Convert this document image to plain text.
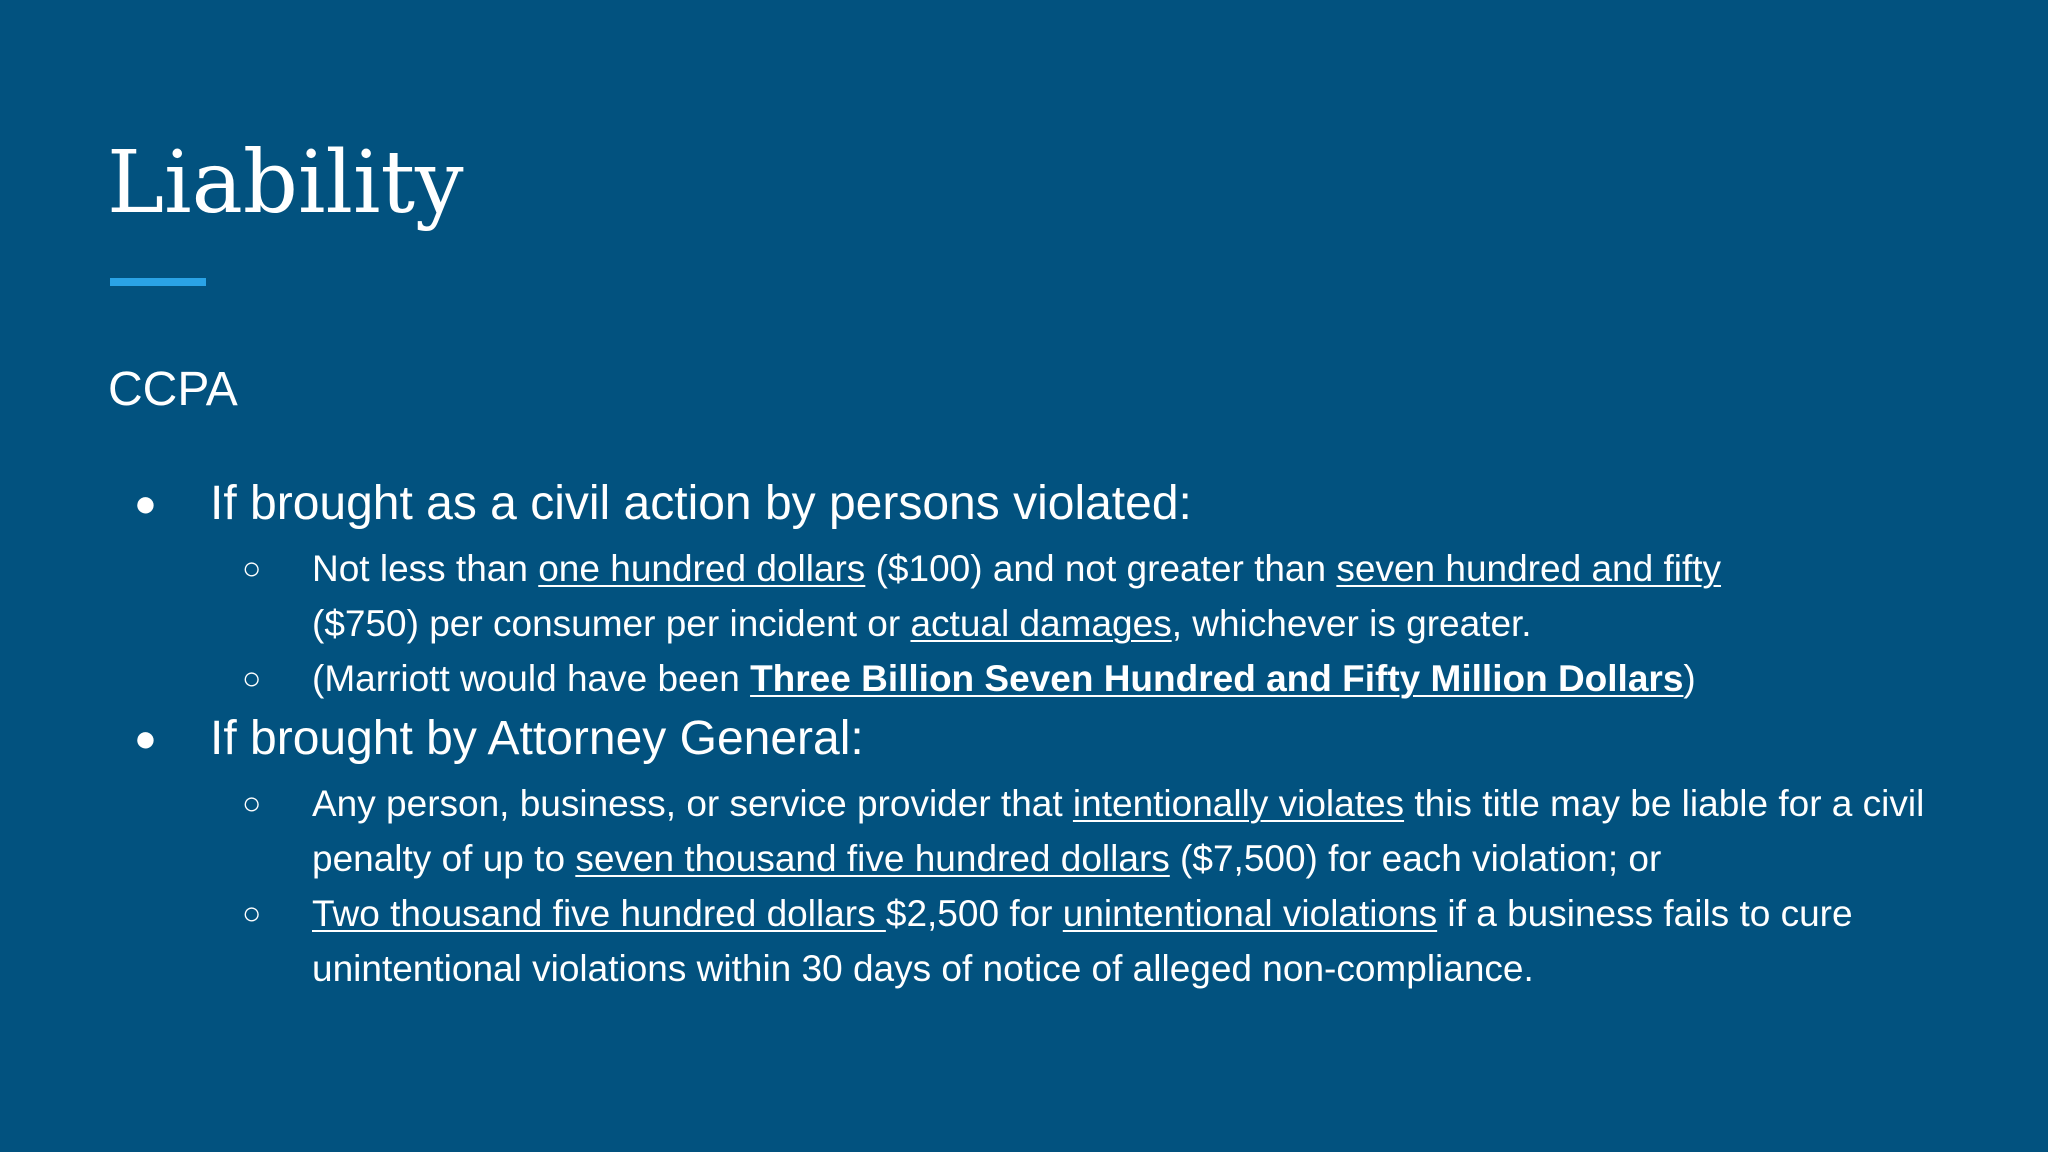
Liability
CCPA
● If brought as a civil action by persons violated:
○ Not less than one hundred dollars ($100) and not greater than seven hundred and fifty
($750) per consumer per incident or actual damages, whichever is greater.
○ (Marriott would have been Three Billion Seven Hundred and Fifty Million Dollars)
● If brought by Attorney General:
○ Any person, business, or service provider that intentionally violates this title may be liable for a civil penalty of up to seven thousand five hundred dollars ($7,500) for each violation; or
○ Two thousand five hundred dollars $2,500 for unintentional violations if a business fails to cure unintentional violations within 30 days of notice of alleged non-compliance.
